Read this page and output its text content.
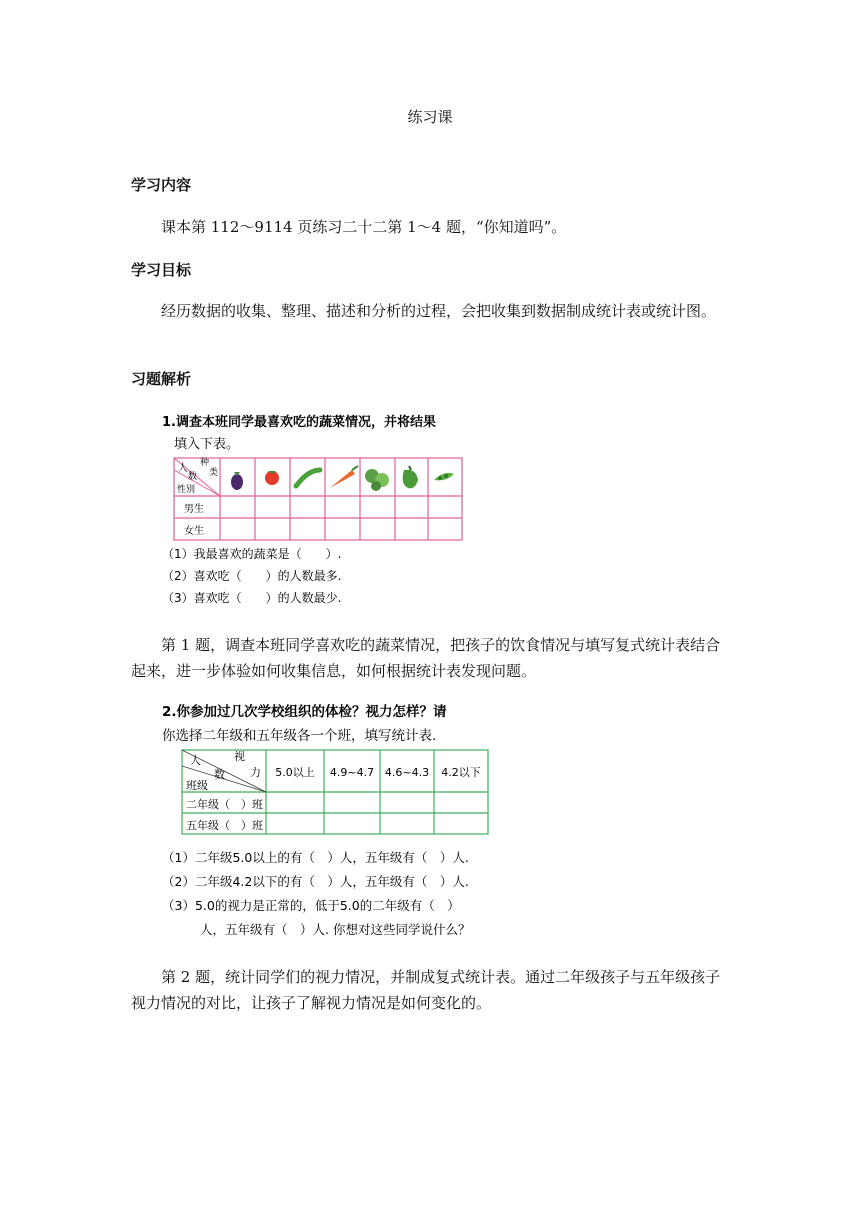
练习课
学习内容
课本第 112～9114 页练习二十二第 1～4 题，“你知道吗”。
学习目标
经历数据的收集、整理、描述和分析的过程，会把收集到数据制成统计表或统计图。
习题解析
1.调查本班同学最喜欢吃的蔬菜情况，并将结果
填入下表。
人 种
数 类
性别
男生
女生
（1）我最喜欢的蔬菜是（　　）.
（2）喜欢吃（　　）的人数最多.
（3）喜欢吃（　　）的人数最少.
第 1 题，调查本班同学喜欢吃的蔬菜情况，把孩子的饮食情况与填写复式统计表结合起来，进一步体验如何收集信息，如何根据统计表发现问题。
2.你参加过几次学校组织的体检？视力怎样？请
你选择二年级和五年级各一个班，填写统计表.
人	视
数 力
班级
5.0以上 4.9~4.7 4.6~4.3 4.2以下
二年级（　）班
五年级（　）班
（1）二年级5.0以上的有（　）人，五年级有（　）人.
（2）二年级4.2以下的有（　）人，五年级有（　）人.
（3）5.0的视力是正常的，低于5.0的二年级有（　）
人，五年级有（　）人. 你想对这些同学说什么？
第 2 题，统计同学们的视力情况，并制成复式统计表。通过二年级孩子与五年级孩子视力情况的对比，让孩子了解视力情况是如何变化的。
